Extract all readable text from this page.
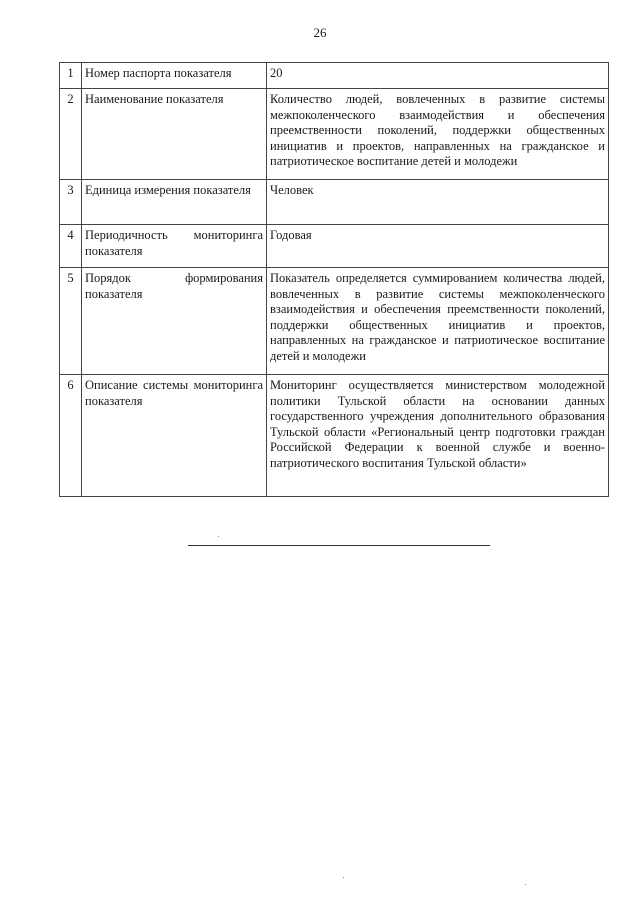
26
1	Номер паспорта показателя	20
2	Наименование показателя	Количество людей, вовлеченных в развитие системы межпоколенческого взаимодействия и обеспечения преемственности поколений, поддержки общественных инициатив и проектов, направленных на гражданское и патриотическое воспитание детей и молодежи
3	Единица измерения показателя	Человек
4	Периодичность мониторинга показателя	Годовая
5	Порядок формирования показателя	Показатель определяется суммированием количества людей, вовлеченных в развитие системы межпоколенческого взаимодействия и обеспечения преемственности поколений, поддержки общественных инициатив и проектов, направленных на гражданское и патриотическое воспитание детей и молодежи
6	Описание системы мониторинга показателя	Мониторинг осуществляется министерством молодежной политики Тульской области на основании данных государственного учреждения дополнительного образования Тульской области «Региональный центр подготовки граждан Российской Федерации к военной службе и военно-патриотического воспитания Тульской области»
